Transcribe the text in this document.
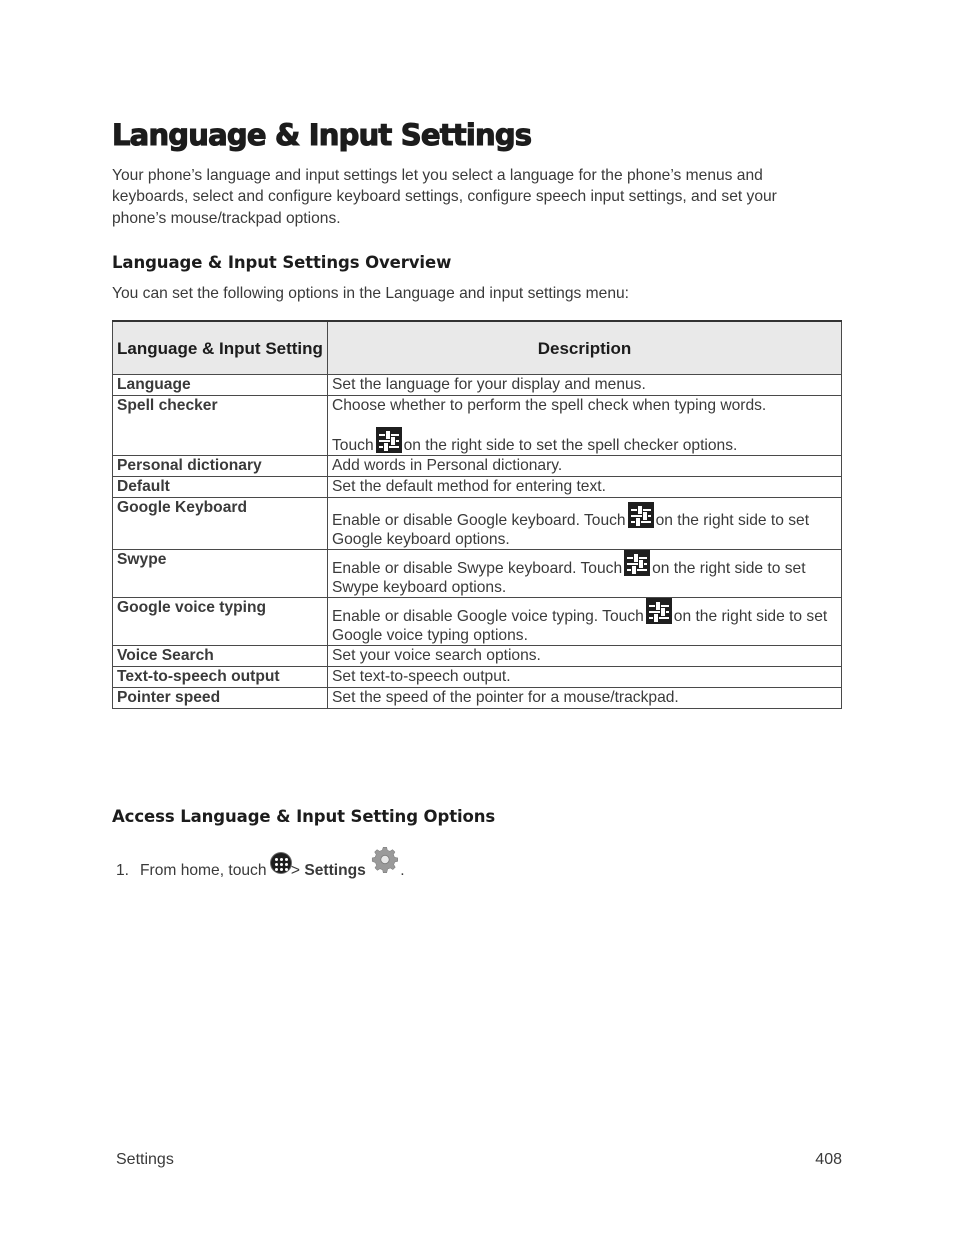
Language & Input Settings

Your phone’s language and input settings let you select a language for the phone’s menus and keyboards, select and configure keyboard settings, configure speech input settings, and set your phone’s mouse/trackpad options.

Language & Input Settings Overview

You can set the following options in the Language and input settings menu:

Language & Input Setting	Description
Language	Set the language for your display and menus.
Spell checker	Choose whether to perform the spell check when typing words.

Touch on the right side to set the spell checker options.

Personal dictionary	Add words in Personal dictionary.
Default	Set the default method for entering text.
Google Keyboard	Enable or disable Google keyboard. Touch on the right side to set Google keyboard options.
Swype	Enable or disable Swype keyboard. Touch on the right side to set Swype keyboard options.
Google voice typing	Enable or disable Google voice typing. Touch on the right side to set Google voice typing options.
Voice Search	Set your voice search options.
Text-to-speech output	Set text-to-speech output.
Pointer speed	Set the speed of the pointer for a mouse/trackpad.
Access Language & Input Setting Options
1. From home, touch > Settings .
Settings	408
